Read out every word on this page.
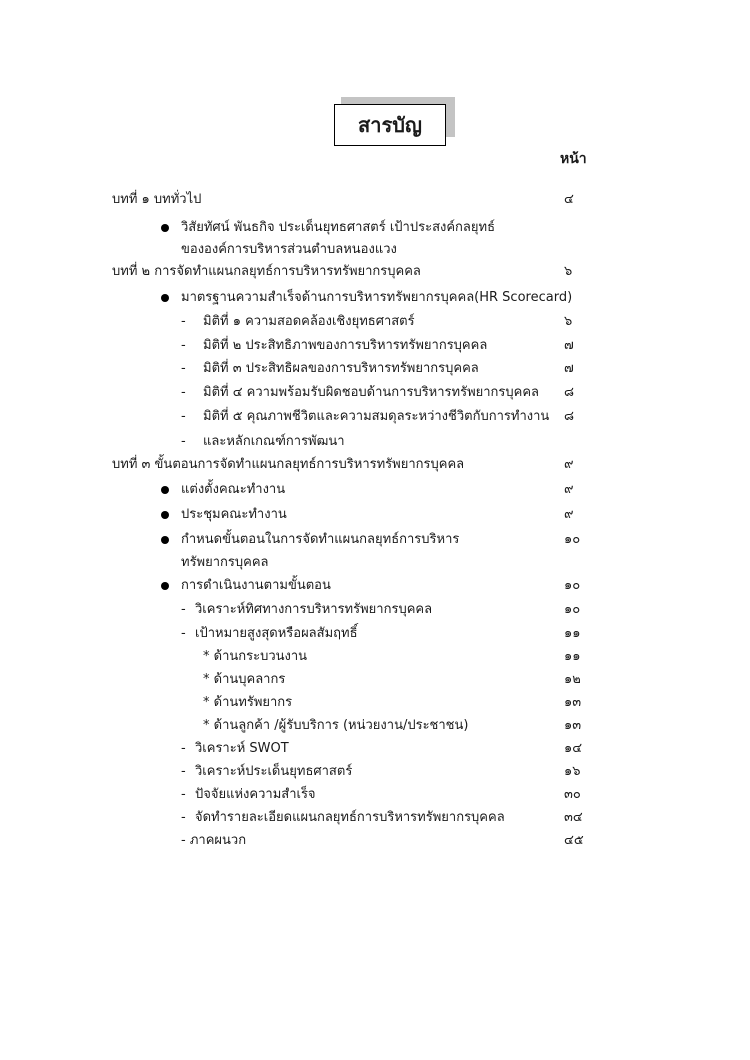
สารบัญ
หน้า
บทที่ ๑ บททั่วไป	๔
วิสัยทัศน์ พันธกิจ ประเด็นยุทธศาสตร์ เป้าประสงค์กลยุทธ์
ขององค์การบริหารส่วนตำบลหนองแวง
บทที่ ๒ การจัดทำแผนกลยุทธ์การบริหารทรัพยากรบุคคล	๖
มาตรฐานความสำเร็จด้านการบริหารทรัพยากรบุคคล(HR Scorecard)
- มิติที่ ๑ ความสอดคล้องเชิงยุทธศาสตร์	๖
- มิติที่ ๒ ประสิทธิภาพของการบริหารทรัพยากรบุคคล	๗
- มิติที่ ๓ ประสิทธิผลของการบริหารทรัพยากรบุคคล	๗
- มิติที่ ๔ ความพร้อมรับผิดชอบด้านการบริหารทรัพยากรบุคคล ๘
- มิติที่ ๕ คุณภาพชีวิตและความสมดุลระหว่างชีวิตกับการทำงาน ๘
- และหลักเกณฑ์การพัฒนา
บทที่ ๓ ขั้นตอนการจัดทำแผนกลยุทธ์การบริหารทรัพยากรบุคคล	๙
แต่งตั้งคณะทำงาน	๙
ประชุมคณะทำงาน	๙
กำหนดขั้นตอนในการจัดทำแผนกลยุทธ์การบริหาร	๑๐
ทรัพยากรบุคคล
การดำเนินงานตามขั้นตอน	๑๐
- วิเคราะห์ทิศทางการบริหารทรัพยากรบุคคล	๑๐
- เป้าหมายสูงสุดหรือผลสัมฤทธิ์	๑๑
* ด้านกระบวนงาน	๑๑
* ด้านบุคลากร	๑๒
* ด้านทรัพยากร	๑๓
* ด้านลูกค้า /ผู้รับบริการ (หน่วยงาน/ประชาชน)	๑๓
- วิเคราะห์ SWOT	๑๔
- วิเคราะห์ประเด็นยุทธศาสตร์	๑๖
- ปัจจัยแห่งความสำเร็จ	๓๐
- จัดทำรายละเอียดแผนกลยุทธ์การบริหารทรัพยากรบุคคล	๓๔
- ภาคผนวก	๔๕
